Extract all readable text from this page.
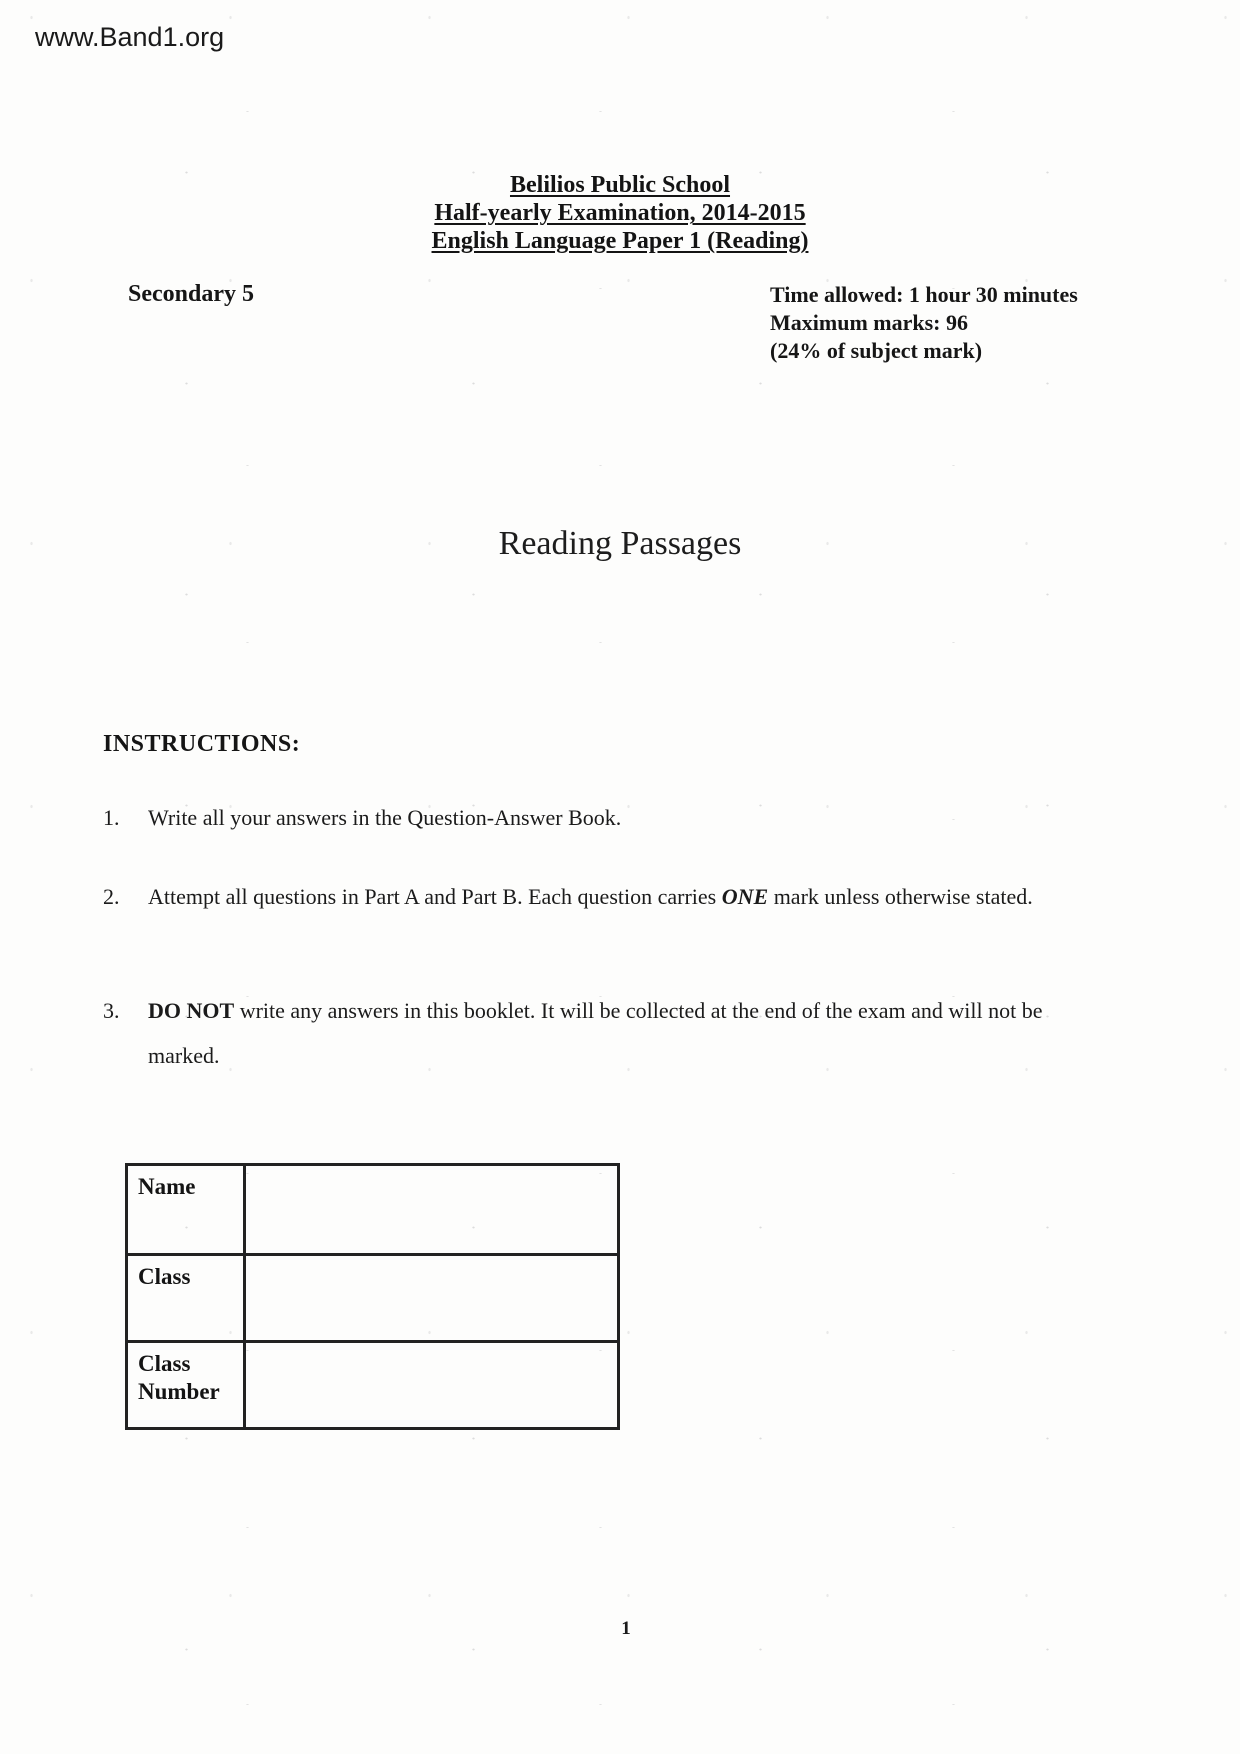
www.Band1.org
Belilios Public School
Half-yearly Examination, 2014-2015
English Language Paper 1 (Reading)
Secondary 5	Time allowed: 1 hour 30 minutes
Maximum marks: 96
(24% of subject mark)
Reading Passages
INSTRUCTIONS:
1. Write all your answers in the Question-Answer Book.
2. Attempt all questions in Part A and Part B. Each question carries ONE mark unless otherwise stated.
3. DO NOT write any answers in this booklet. It will be collected at the end of the exam and will not be marked.
Name
Class
Class Number
1
